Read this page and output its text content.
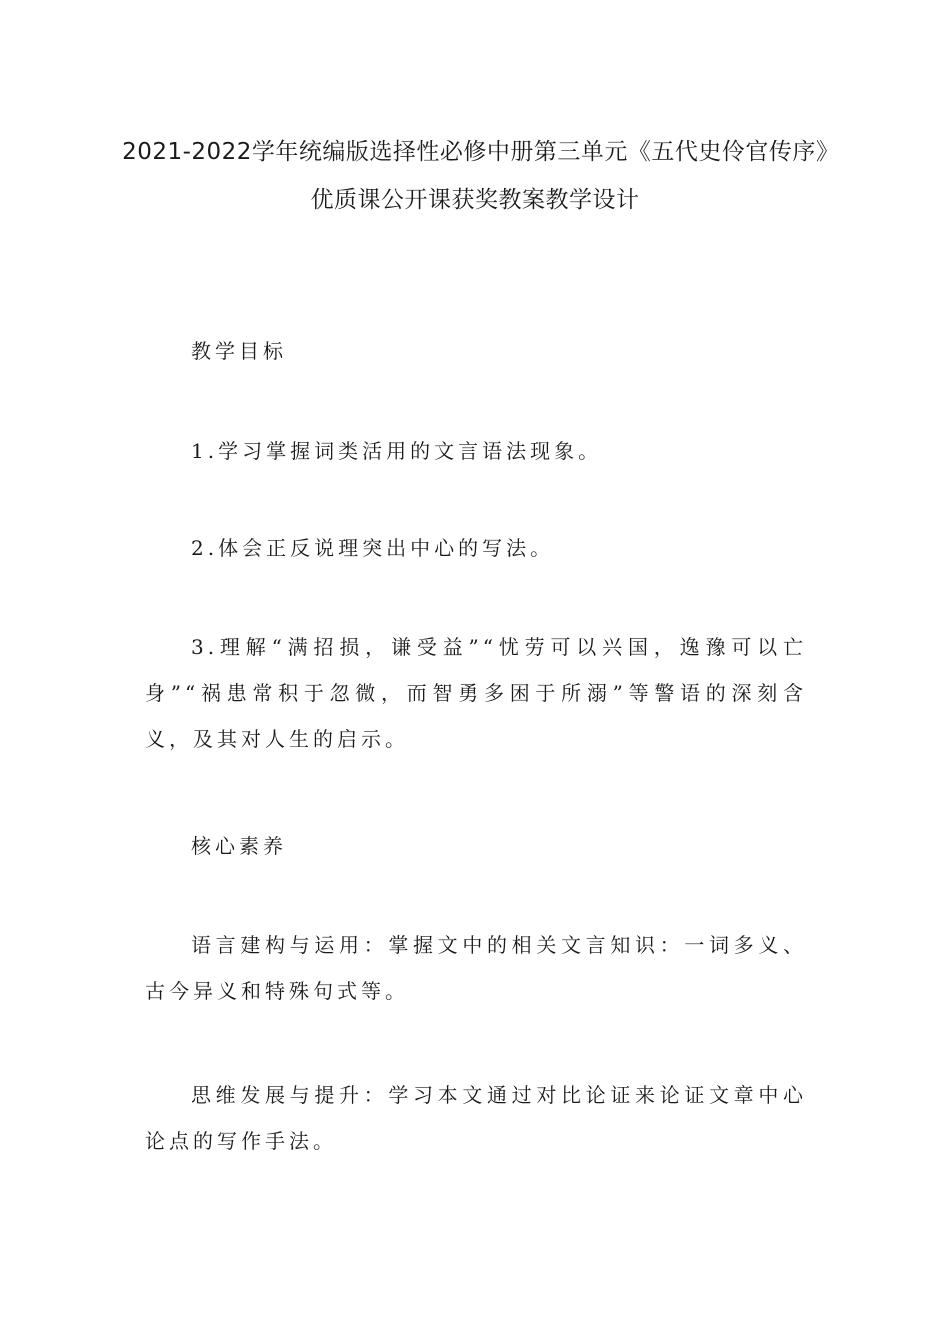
2021-2022学年统编版选择性必修中册第三单元《五代史伶官传序》优质课公开课获奖教案教学设计

教学目标

1.学习掌握词类活用的文言语法现象。

2.体会正反说理突出中心的写法。

3.理解“满招损，谦受益”“忧劳可以兴国，逸豫可以亡身”“祸患常积于忽微，而智勇多困于所溺”等警语的深刻含义，及其对人生的启示。

核心素养

语言建构与运用：掌握文中的相关文言知识：一词多义、古今异义和特殊句式等。

思维发展与提升：学习本文通过对比论证来论证文章中心论点的写作手法。
